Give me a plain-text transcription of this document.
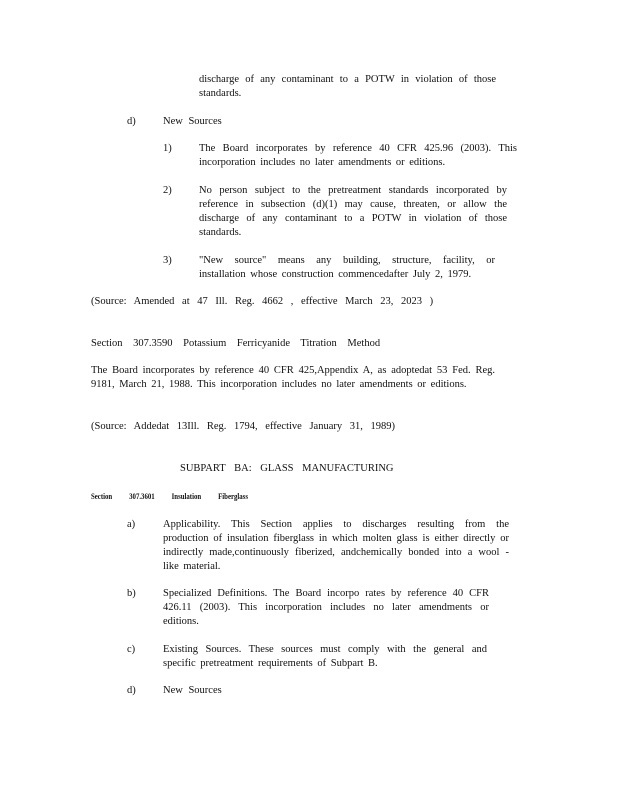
discharge of any contaminant to a POTW in violation of those standards.
d)	New Sources
1)	The Board incorporates by reference 40 CFR 425.96 (2003). This incorporation includes no later amendments or editions.
2)	No person subject to the pretreatment standards incorporated by reference in subsection (d)(1) may cause, threaten, or allow the discharge of any contaminant to a POTW in violation of those standards.
3)	"New source" means any building, structure, facility, or installation whose construction commencedafter July 2, 1979.
(Source: Amended at 47 Ill. Reg. 4662 , effective March 23, 2023 )
Section 307.3590 Potassium Ferricyanide Titration Method
The Board incorporates by reference 40 CFR 425,Appendix A, as adoptedat 53 Fed. Reg. 9181, March 21, 1988. This incorporation includes no later amendments or editions.
(Source: Addedat 13Ill. Reg. 1794, effective January 31, 1989)
SUBPART BA: GLASS MANUFACTURING
Section 307.3601 Insulation Fiberglass
a)	Applicability. This Section applies to discharges resulting from the production of insulation fiberglass in which molten glass is either directly or indirectly made,continuously fiberized, andchemically bonded into a wool -like material.
b)	Specialized Definitions. The Board incorpo rates by reference 40 CFR 426.11 (2003). This incorporation includes no later amendments or editions.
c)	Existing Sources. These sources must comply with the general and specific pretreatment requirements of Subpart B.
d)	New Sources
